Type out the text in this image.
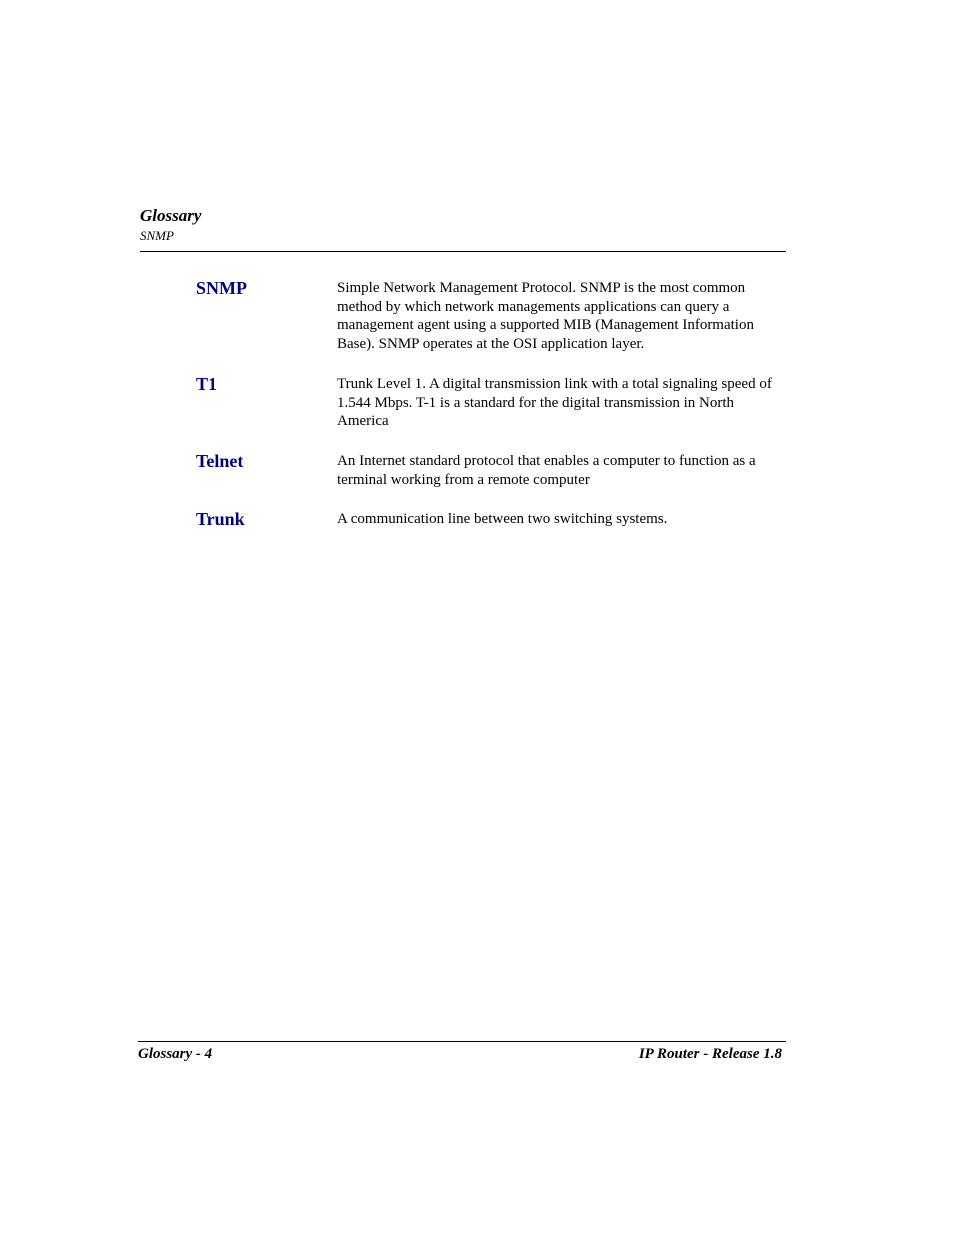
Glossary
SNMP
SNMP	Simple Network Management Protocol. SNMP is the most common method by which network managements applications can query a management agent using a supported MIB (Management Information Base). SNMP operates at the OSI application layer.
T1	Trunk Level 1. A digital transmission link with a total signaling speed of 1.544 Mbps. T-1 is a standard for the digital transmission in North America
Telnet	An Internet standard protocol that enables a computer to function as a terminal working from a remote computer
Trunk	A communication line between two switching systems.
Glossary - 4	IP Router - Release 1.8
